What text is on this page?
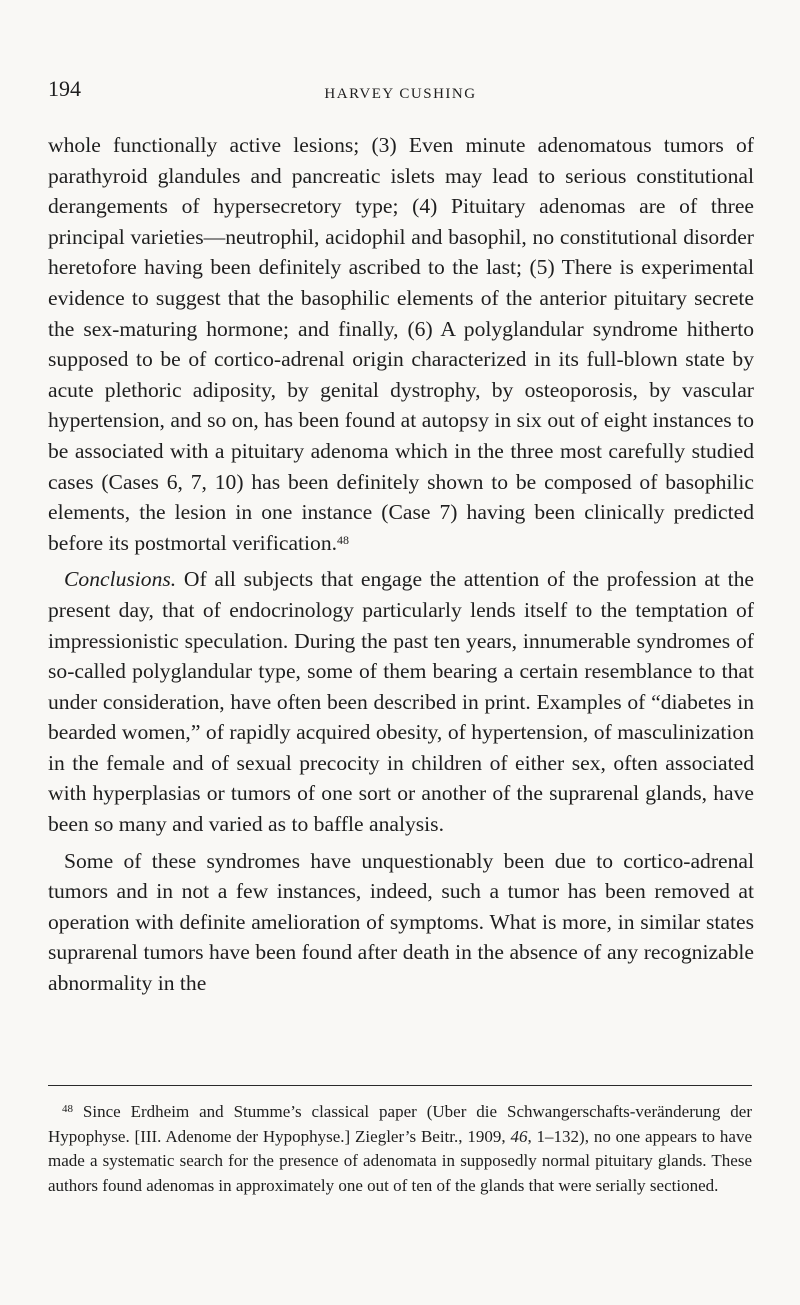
194	HARVEY CUSHING

whole functionally active lesions; (3) Even minute adenomatous tumors of parathyroid glandules and pancreatic islets may lead to serious constitutional derangements of hypersecretory type; (4) Pituitary adenomas are of three principal varieties—neutrophil, acidophil and basophil, no constitutional disorder heretofore having been definitely ascribed to the last; (5) There is experimental evidence to suggest that the basophilic elements of the anterior pituitary secrete the sex-maturing hormone; and finally, (6) A polyglandular syndrome hitherto supposed to be of cortico-adrenal origin characterized in its full-blown state by acute plethoric adiposity, by genital dystrophy, by osteoporosis, by vascular hypertension, and so on, has been found at autopsy in six out of eight instances to be associated with a pituitary adenoma which in the three most carefully studied cases (Cases 6, 7, 10) has been definitely shown to be composed of basophilic elements, the lesion in one instance (Case 7) having been clinically predicted before its postmortal verification.$^{48}$

Conclusions. Of all subjects that engage the attention of the profession at the present day, that of endocrinology particularly lends itself to the temptation of impressionistic speculation. During the past ten years, innumerable syndromes of so-called polyglandular type, some of them bearing a certain resemblance to that under consideration, have often been described in print. Examples of “diabetes in bearded women,” of rapidly acquired obesity, of hypertension, of masculinization in the female and of sexual precocity in children of either sex, often associated with hyperplasias or tumors of one sort or another of the suprarenal glands, have been so many and varied as to baffle analysis.

Some of these syndromes have unquestionably been due to cortico-adrenal tumors and in not a few instances, indeed, such a tumor has been removed at operation with definite amelioration of symptoms. What is more, in similar states suprarenal tumors have been found after death in the absence of any recognizable abnormality in the

$^{48}$ Since Erdheim and Stumme’s classical paper (Uber die Schwangerschafts-veränderung der Hypophyse. [III. Adenome der Hypophyse.] Ziegler’s Beitr., 1909, 46, 1–132), no one appears to have made a systematic search for the presence of adenomata in supposedly normal pituitary glands. These authors found adenomas in approximately one out of ten of the glands that were serially sectioned.
